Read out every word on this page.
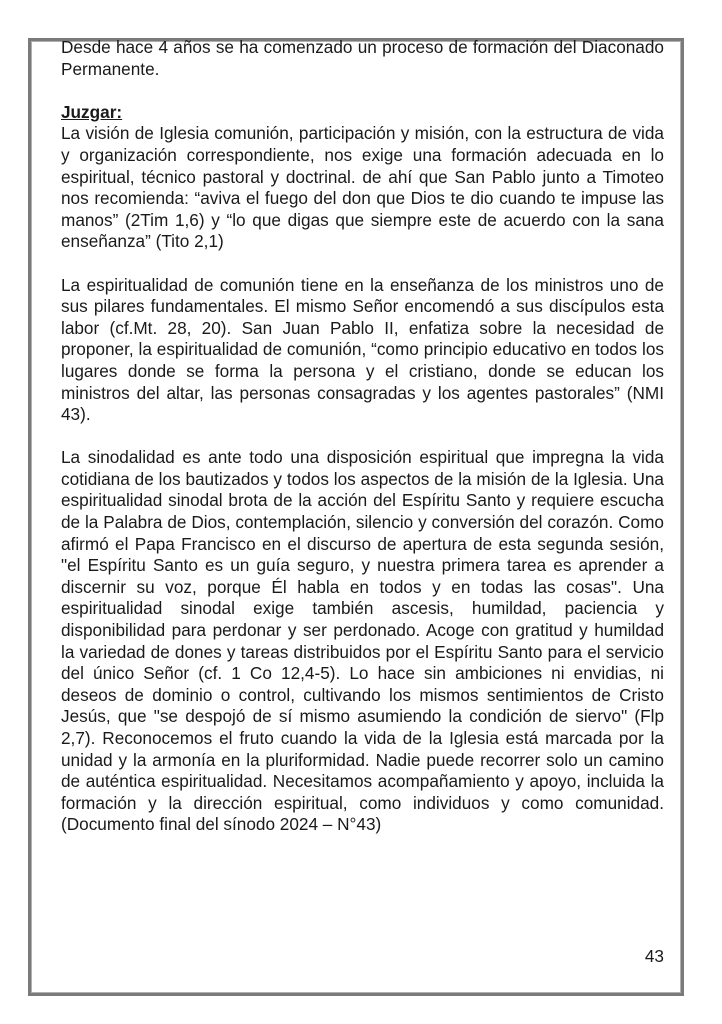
Desde hace 4 años se ha comenzado un proceso de formación del Diaconado Permanente.

Juzgar:

La visión de Iglesia comunión, participación y misión, con la estructura de vida y organización correspondiente, nos exige una formación adecuada en lo espiritual, técnico pastoral y doctrinal. de ahí que San Pablo junto a Timoteo nos recomienda: “aviva el fuego del don que Dios te dio cuando te impuse las manos” (2Tim 1,6) y “lo que digas que siempre este de acuerdo con la sana enseñanza” (Tito 2,1)

La espiritualidad de comunión tiene en la enseñanza de los ministros uno de sus pilares fundamentales. El mismo Señor encomendó a sus discípulos esta labor (cf.Mt. 28, 20). San Juan Pablo II, enfatiza sobre la necesidad de proponer, la espiritualidad de comunión, “como principio educativo en todos los lugares donde se forma la persona y el cristiano, donde se educan los ministros del altar, las personas consagradas y los agentes pastorales” (NMI 43).

La sinodalidad es ante todo una disposición espiritual que impregna la vida cotidiana de los bautizados y todos los aspectos de la misión de la Iglesia. Una espiritualidad sinodal brota de la acción del Espíritu Santo y requiere escucha de la Palabra de Dios, contemplación, silencio y conversión del corazón. Como afirmó el Papa Francisco en el discurso de apertura de esta segunda sesión, "el Espíritu Santo es un guía seguro, y nuestra primera tarea es aprender a discernir su voz, porque Él habla en todos y en todas las cosas". Una espiritualidad sinodal exige también ascesis, humildad, paciencia y disponibilidad para perdonar y ser perdonado. Acoge con gratitud y humildad la variedad de dones y tareas distribuidos por el Espíritu Santo para el servicio del único Señor (cf. 1 Co 12,4-5). Lo hace sin ambiciones ni envidias, ni deseos de dominio o control, cultivando los mismos sentimientos de Cristo Jesús, que "se despojó de sí mismo asumiendo la condición de siervo" (Flp 2,7). Reconocemos el fruto cuando la vida de la Iglesia está marcada por la unidad y la armonía en la pluriformidad. Nadie puede recorrer solo un camino de auténtica espiritualidad. Necesitamos acompañamiento y apoyo, incluida la formación y la dirección espiritual, como individuos y como comunidad. (Documento final del sínodo 2024 – N°43)

43
